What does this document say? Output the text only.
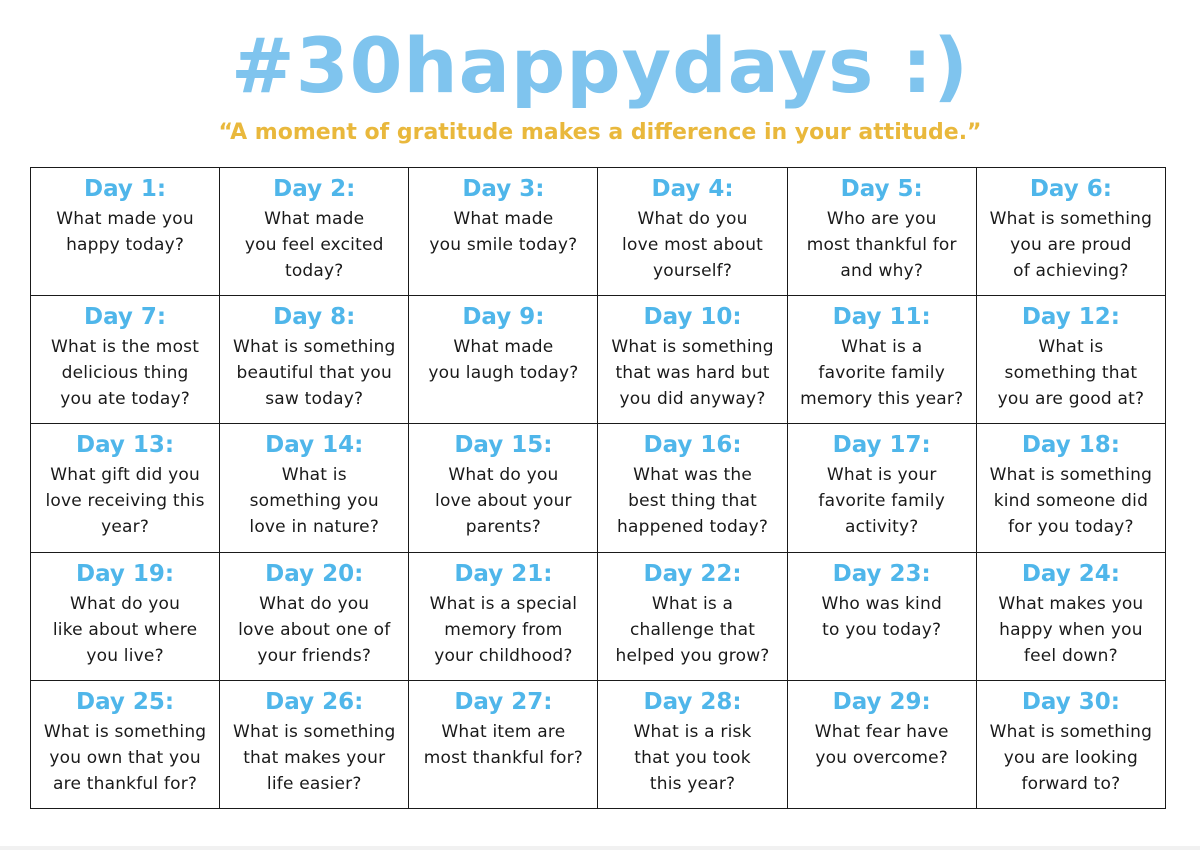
#30happydays :)
“A moment of gratitude makes a difference in your attitude.”
Day 1:
What made you
happy today?	Day 2:
What made
you feel excited
today?	Day 3:
What made
you smile today?	Day 4:
What do you
love most about
yourself?	Day 5:
Who are you
most thankful for
and why?	Day 6:
What is something
you are proud
of achieving?

Day 7:
What is the most
delicious thing
you ate today?	Day 8:
What is something
beautiful that you
saw today?	Day 9:
What made
you laugh today?	Day 10:
What is something
that was hard but
you did anyway?	Day 11:
What is a
favorite family
memory this year?	Day 12:
What is
something that
you are good at?

Day 13:
What gift did you
love receiving this
year?	Day 14:
What is
something you
love in nature?	Day 15:
What do you
love about your
parents?	Day 16:
What was the
best thing that
happened today?	Day 17:
What is your
favorite family
activity?	Day 18:
What is something
kind someone did
for you today?

Day 19:
What do you
like about where
you live?	Day 20:
What do you
love about one of
your friends?	Day 21:
What is a special
memory from
your childhood?	Day 22:
What is a
challenge that
helped you grow?	Day 23:
Who was kind
to you today?	Day 24:
What makes you
happy when you
feel down?

Day 25:
What is something
you own that you
are thankful for?	Day 26:
What is something
that makes your
life easier?	Day 27:
What item are
most thankful for?	Day 28:
What is a risk
that you took
this year?	Day 29:
What fear have
you overcome?	Day 30:
What is something
you are looking
forward to?
